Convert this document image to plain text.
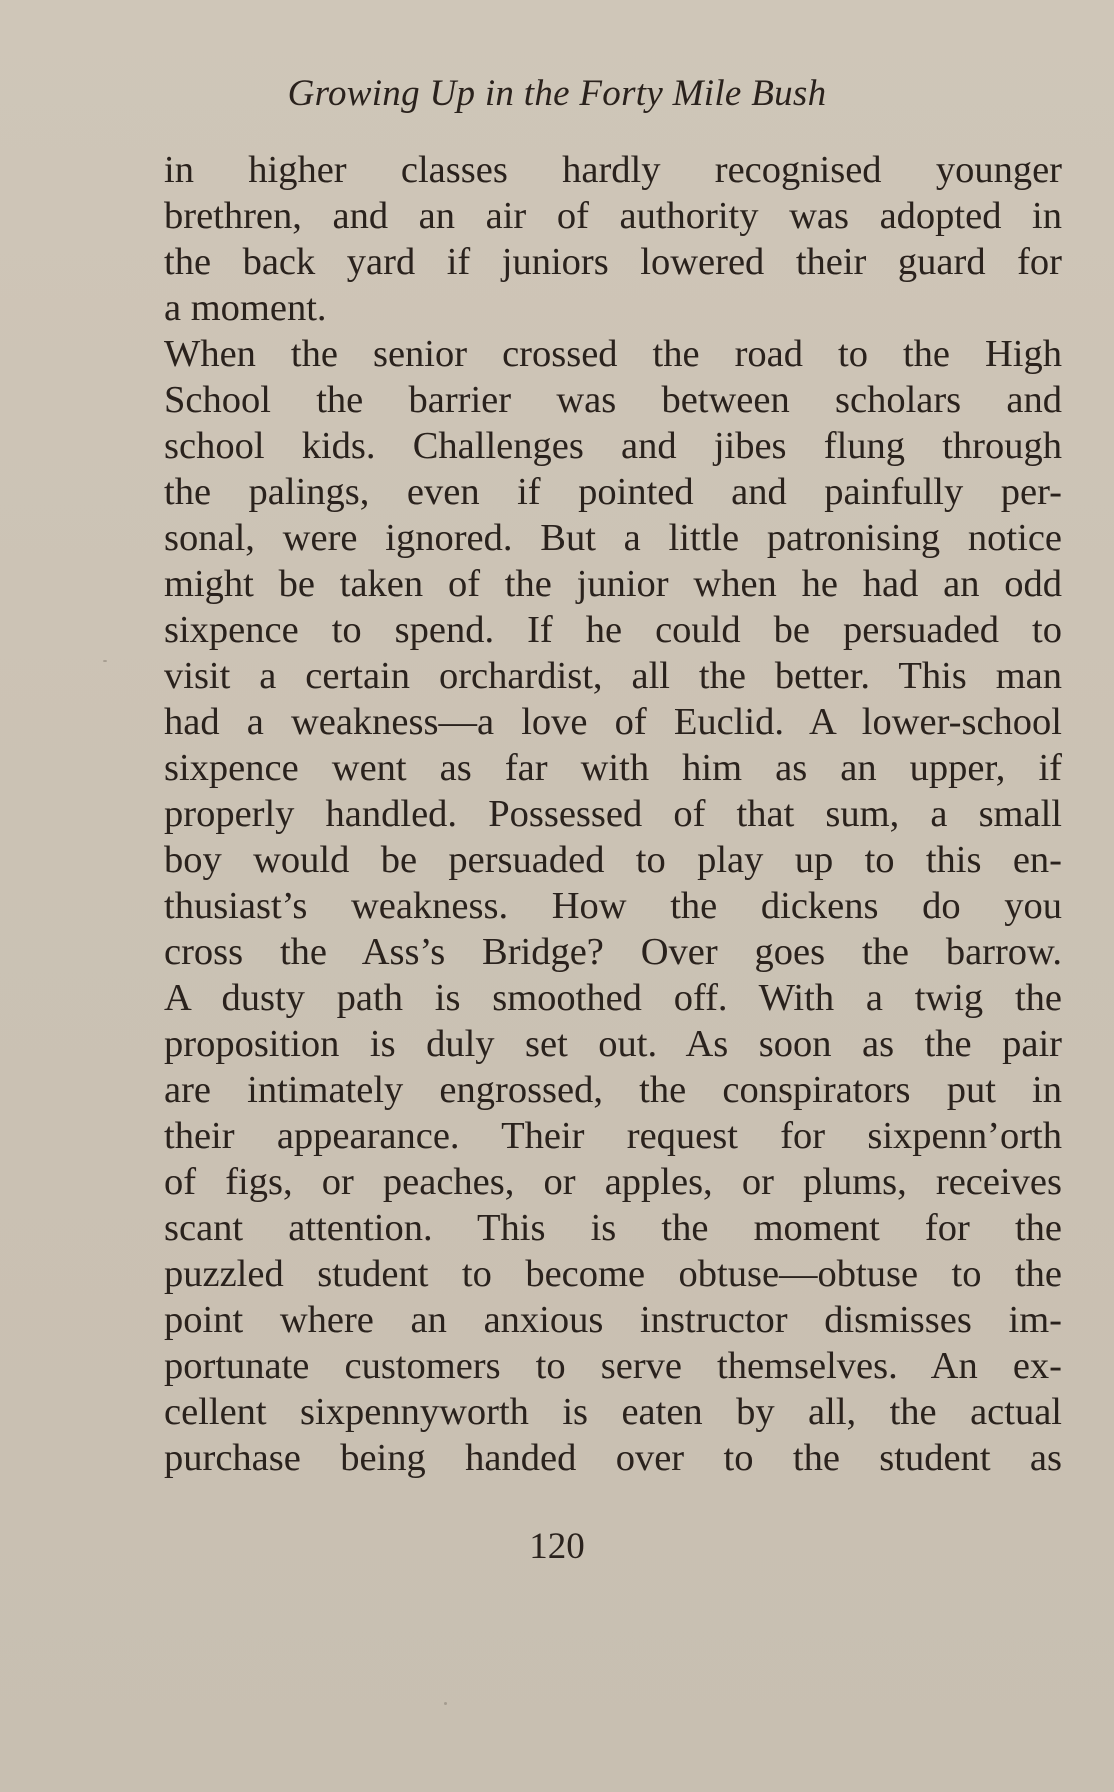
Growing Up in the Forty Mile Bush
in higher classes hardly recognised younger
brethren, and an air of authority was adopted in
the back yard if juniors lowered their guard for
a moment.
When the senior crossed the road to the High
School the barrier was between scholars and
school kids. Challenges and jibes flung through
the palings, even if pointed and painfully per-
sonal, were ignored. But a little patronising notice
might be taken of the junior when he had an odd
sixpence to spend. If he could be persuaded to
visit a certain orchardist, all the better. This man
had a weakness—a love of Euclid. A lower-school
sixpence went as far with him as an upper, if
properly handled. Possessed of that sum, a small
boy would be persuaded to play up to this en-
thusiast’s weakness. How the dickens do you
cross the Ass’s Bridge? Over goes the barrow.
A dusty path is smoothed off. With a twig the
proposition is duly set out. As soon as the pair
are intimately engrossed, the conspirators put in
their appearance. Their request for sixpenn’orth
of figs, or peaches, or apples, or plums, receives
scant attention. This is the moment for the
puzzled student to become obtuse—obtuse to the
point where an anxious instructor dismisses im-
portunate customers to serve themselves. An ex-
cellent sixpennyworth is eaten by all, the actual
purchase being handed over to the student as
120
